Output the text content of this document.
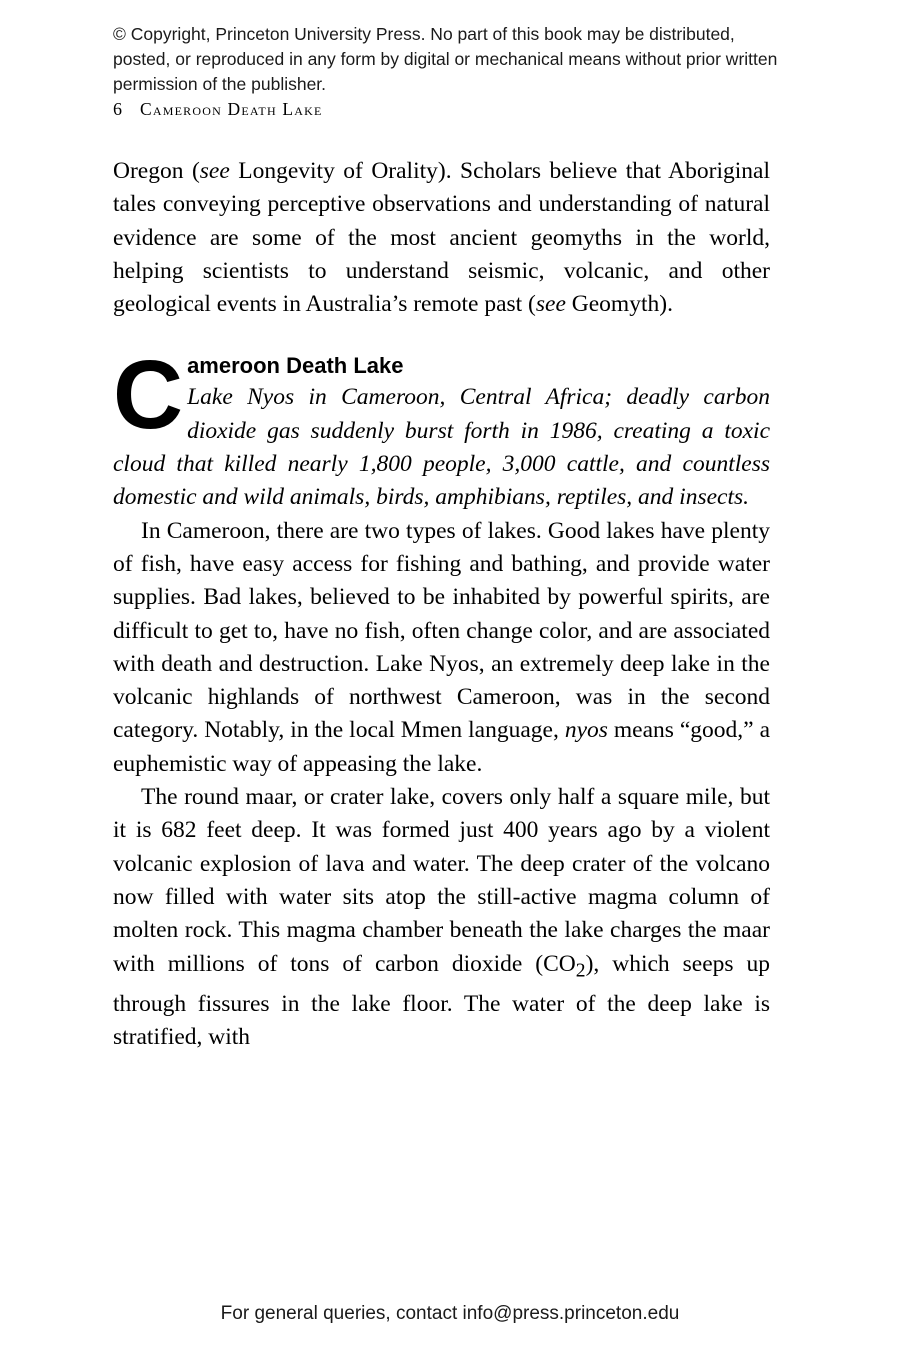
© Copyright, Princeton University Press. No part of this book may be distributed, posted, or reproduced in any form by digital or mechanical means without prior written permission of the publisher.
6 Cameroon Death Lake

Oregon (see Longevity of Orality). Scholars believe that Aboriginal tales conveying perceptive observations and understanding of natural evidence are some of the most ancient geomyths in the world, helping scientists to understand seismic, volcanic, and other geological events in Australia’s remote past (see Geomyth).

C ameroon Death Lake

Lake Nyos in Cameroon, Central Africa; deadly carbon dioxide gas suddenly burst forth in 1986, creating a toxic cloud that killed nearly 1,800 people, 3,000 cattle, and countless domestic and wild animals, birds, amphibians, reptiles, and insects.

In Cameroon, there are two types of lakes. Good lakes have plenty of fish, have easy access for fishing and bathing, and provide water supplies. Bad lakes, believed to be inhabited by powerful spirits, are difficult to get to, have no fish, often change color, and are associated with death and destruction. Lake Nyos, an extremely deep lake in the volcanic highlands of northwest Cameroon, was in the second category. Notably, in the local Mmen language, nyos means “good,” a euphemistic way of appeasing the lake.

The round maar, or crater lake, covers only half a square mile, but it is 682 feet deep. It was formed just 400 years ago by a violent volcanic explosion of lava and water. The deep crater of the volcano now filled with water sits atop the still-active magma column of molten rock. This magma chamber beneath the lake charges the maar with millions of tons of carbon dioxide $(CO_2)$, which seeps up through fissures in the lake floor. The water of the deep lake is stratified, with

For general queries, contact info@press.princeton.edu
